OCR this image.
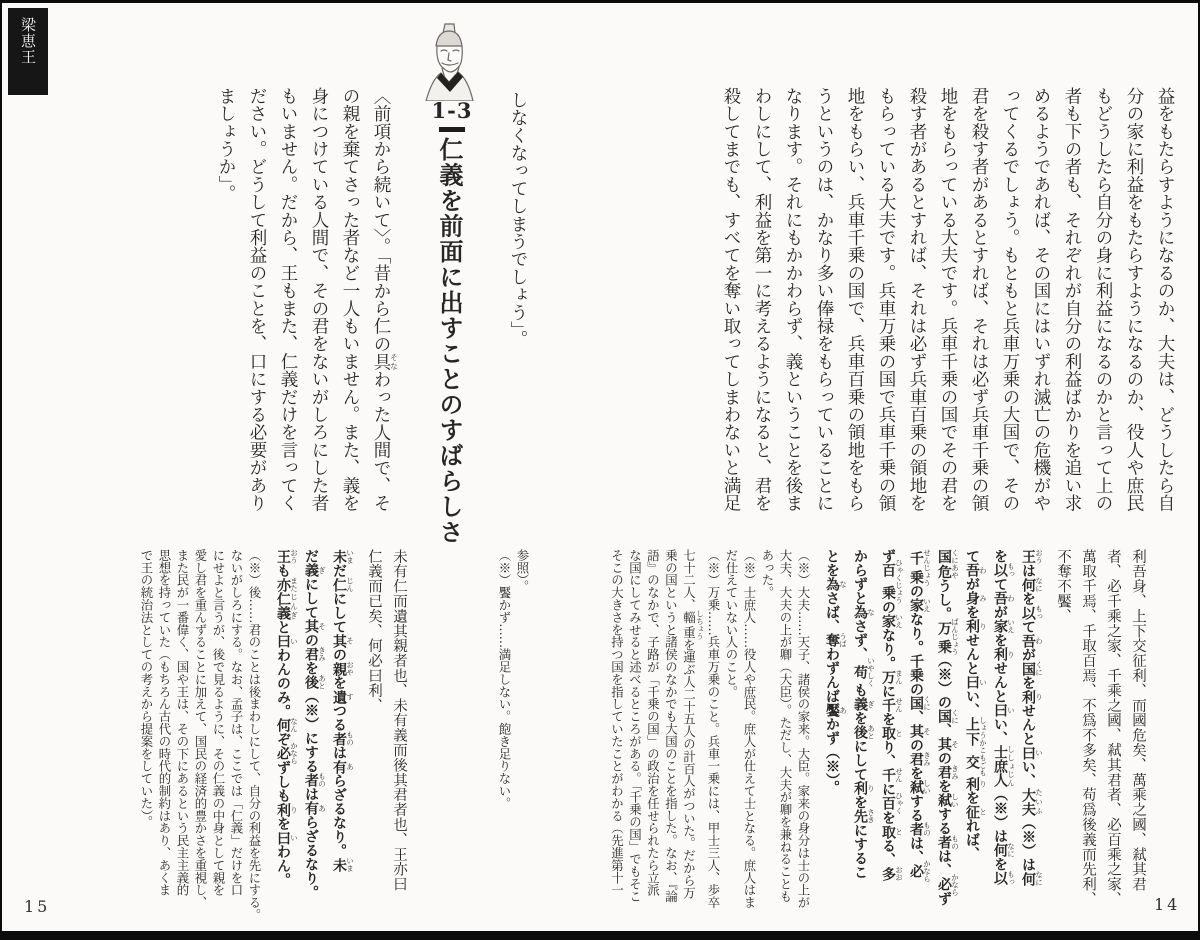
梁恵王
益をもたらすようになるのか、大夫は、どうしたら自
分の家に利益をもたらすようになるのか、役人や庶民
もどうしたら自分の身に利益になるのかと言って上の
者も下の者も、それぞれが自分の利益ばかりを追い求
めるようであれば、その国にはいずれ滅亡の危機がや
ってくるでしょう。もともと兵車万乗の大国で、その
君を殺す者があるとすれば、それは必ず兵車千乗の領
地をもらっている大夫です。兵車千乗の国でその君を
殺す者があるとすれば、それは必ず兵車百乗の領地を
もらっている大夫です。兵車万乗の国で兵車千乗の領
地をもらい、兵車千乗の国で、兵車百乗の領地をもら
うというのは、かなり多い俸禄をもらっていることに
なります。それにもかかわらず、義ということを後ま
わしにして、利益を第一に考えるようになると、君を
殺してまでも、すべてを奪い取ってしまわないと満足
利吾身、上下交征利、而國危矣、萬乘之國、弒其君
者、必千乘之家、千乘之國、弒其君者、必百乘之家、
萬取千焉、千取百焉、不爲不多矣、苟爲後義而先利、
不奪不饜、
王おうは何なにを以もって吾わが国くにを利りせんと曰いい、大夫たいふ（※）は何なに
を以もって吾わが家いえを利りせんと曰いい、士庶人ししょじん（※）は何なにを以もっ
て吾わが身みを利りせんと曰いい、上下しょうか交こもごも利りを征とれば、
国くに危あやうし。万乗ばんじょう（※）の国くに、其その君きみを弒しいする者ものは、必かならず
千乗せんじょうの家いえなり。千乗の国くに、其その君きみを弒しいする者ものは、必かなら
ず百乗ひゃくじょうの家いえなり。万まんに千せんを取とり、千せんに百ひゃくを取とる、多おお
からずと為なさず、苟いやしくも義ぎを後あとにして利りを先さきにするこ
とを為なさば、奪うばわずんば饜あかず（※）。
（※）大夫……天子、諸侯の家来。大臣。家来の身分は士の上が
大夫、大夫の上が卿（大臣）。ただし、大夫が卿を兼ねることも
あった。
（※）士庶人……役人や庶民。庶人が仕えて士となる。庶人はま
だ仕えていない人のこと。
（※）万乗……兵車万乗のこと。兵車一乗には、甲士三人、歩卒
七十二人、輜重 しちょうを運ぶ人二十五人の計百人がついた。だから万
乗の国というと諸侯のなかでも大国のことを指した。なお、『論
語』のなかで、子路が「千乗の国」の政治を任せられたら立派
な国にしてみせると述べるところがある。「千乗の国」でもそこ
そこの大きさを持つ国を指していたことがわかる（先進第十一
しなくなってしまうでしょう」。
1-3
仁義を前面に出すことのすばらしさ
〈前項から続いて〉。「昔から仁の具そなわった人間で、そ
の親を棄てさった者など一人もいません。また、義を
身につけている人間で、その君をないがしろにした者
もいません。だから、王もまた、仁義だけを言ってく
ださい。どうして利益のことを、口にする必要があり
ましょうか」。
参照）。
（※）饜かず……満足しない。飽き足りない。
未有仁而遺其親者也、未有義而後其君者也、王亦曰
仁義而已矣、何必曰利、
未いまだ仁じんにして其その親おやを遺すつる者ものは有あらざるなり。未いま
だ義ぎにして其その君きみを後あと（※）にする者ものは有あらざるなり。
王おうも亦また仁義じんぎと曰いわんのみ。何なんぞ必かならずしも利りを曰いわん。
（※）後……君のことは後まわしにして、自分の利益を先にする。
ないがしろにする。なお、孟子は、ここでは「仁義」だけを口
にせよと言うが、後で見るように、その仁義の中身として親を
愛し君を重んずることに加えて、国民の経済的豊かさを重視し、
また民が一番偉く、国や王は、その下にあるという民主主義的
思想を持っていた（もちろん古代の時代的制約はあり、あくま
で王の統治法としての考えから提案をしていた）。
15	14
